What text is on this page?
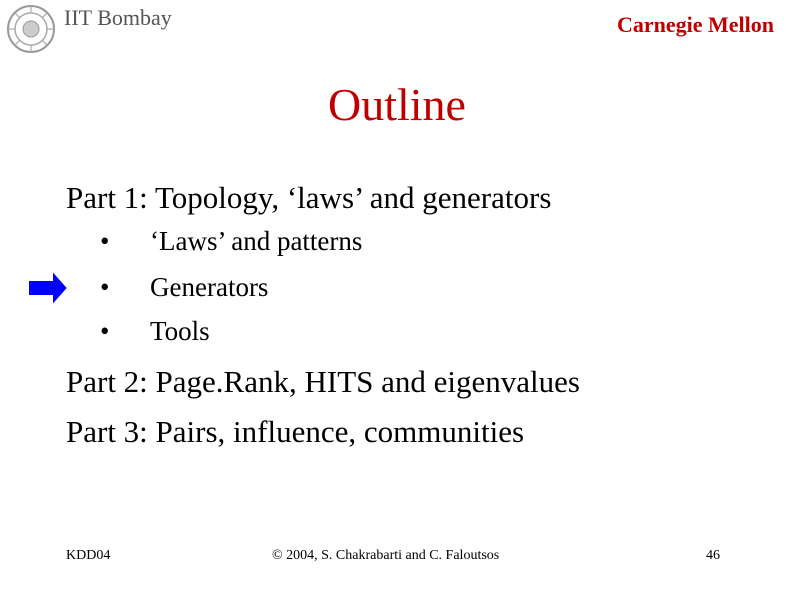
IIT Bombay	Carnegie Mellon
Outline
Part 1: Topology, ‘laws’ and generators
•	‘Laws’ and patterns
•	Generators
•	Tools
Part 2: Page.Rank, HITS and eigenvalues
Part 3: Pairs, influence, communities
KDD04	© 2004, S. Chakrabarti and C. Faloutsos	46
